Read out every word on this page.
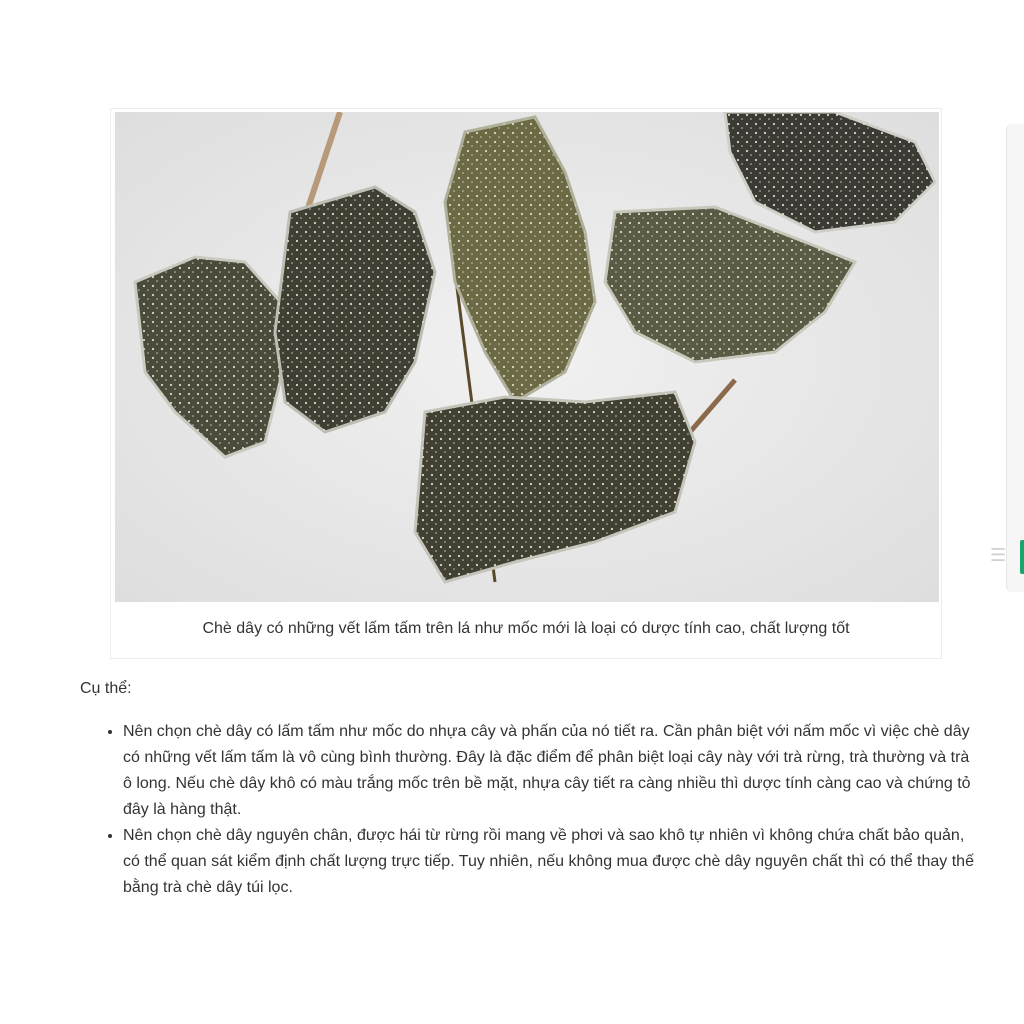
Chè dây có những vết lấm tấm trên lá như mốc mới là loại có dược tính cao, chất lượng tốt
Cụ thể:
• Nên chọn chè dây có lấm tấm như mốc do nhựa cây và phấn của nó tiết ra. Cần phân biệt với nấm mốc vì việc chè dây có những vết lấm tấm là vô cùng bình thường. Đây là đặc điểm để phân biệt loại cây này với trà rừng, trà thường và trà ô long. Nếu chè dây khô có màu trắng mốc trên bề mặt, nhựa cây tiết ra càng nhiều thì dược tính càng cao và chứng tỏ đây là hàng thật.
• Nên chọn chè dây nguyên chân, được hái từ rừng rồi mang về phơi và sao khô tự nhiên vì không chứa chất bảo quản, có thể quan sát kiểm định chất lượng trực tiếp. Tuy nhiên, nếu không mua được chè dây nguyên chất thì có thể thay thế bằng trà chè dây túi lọc.
☰
